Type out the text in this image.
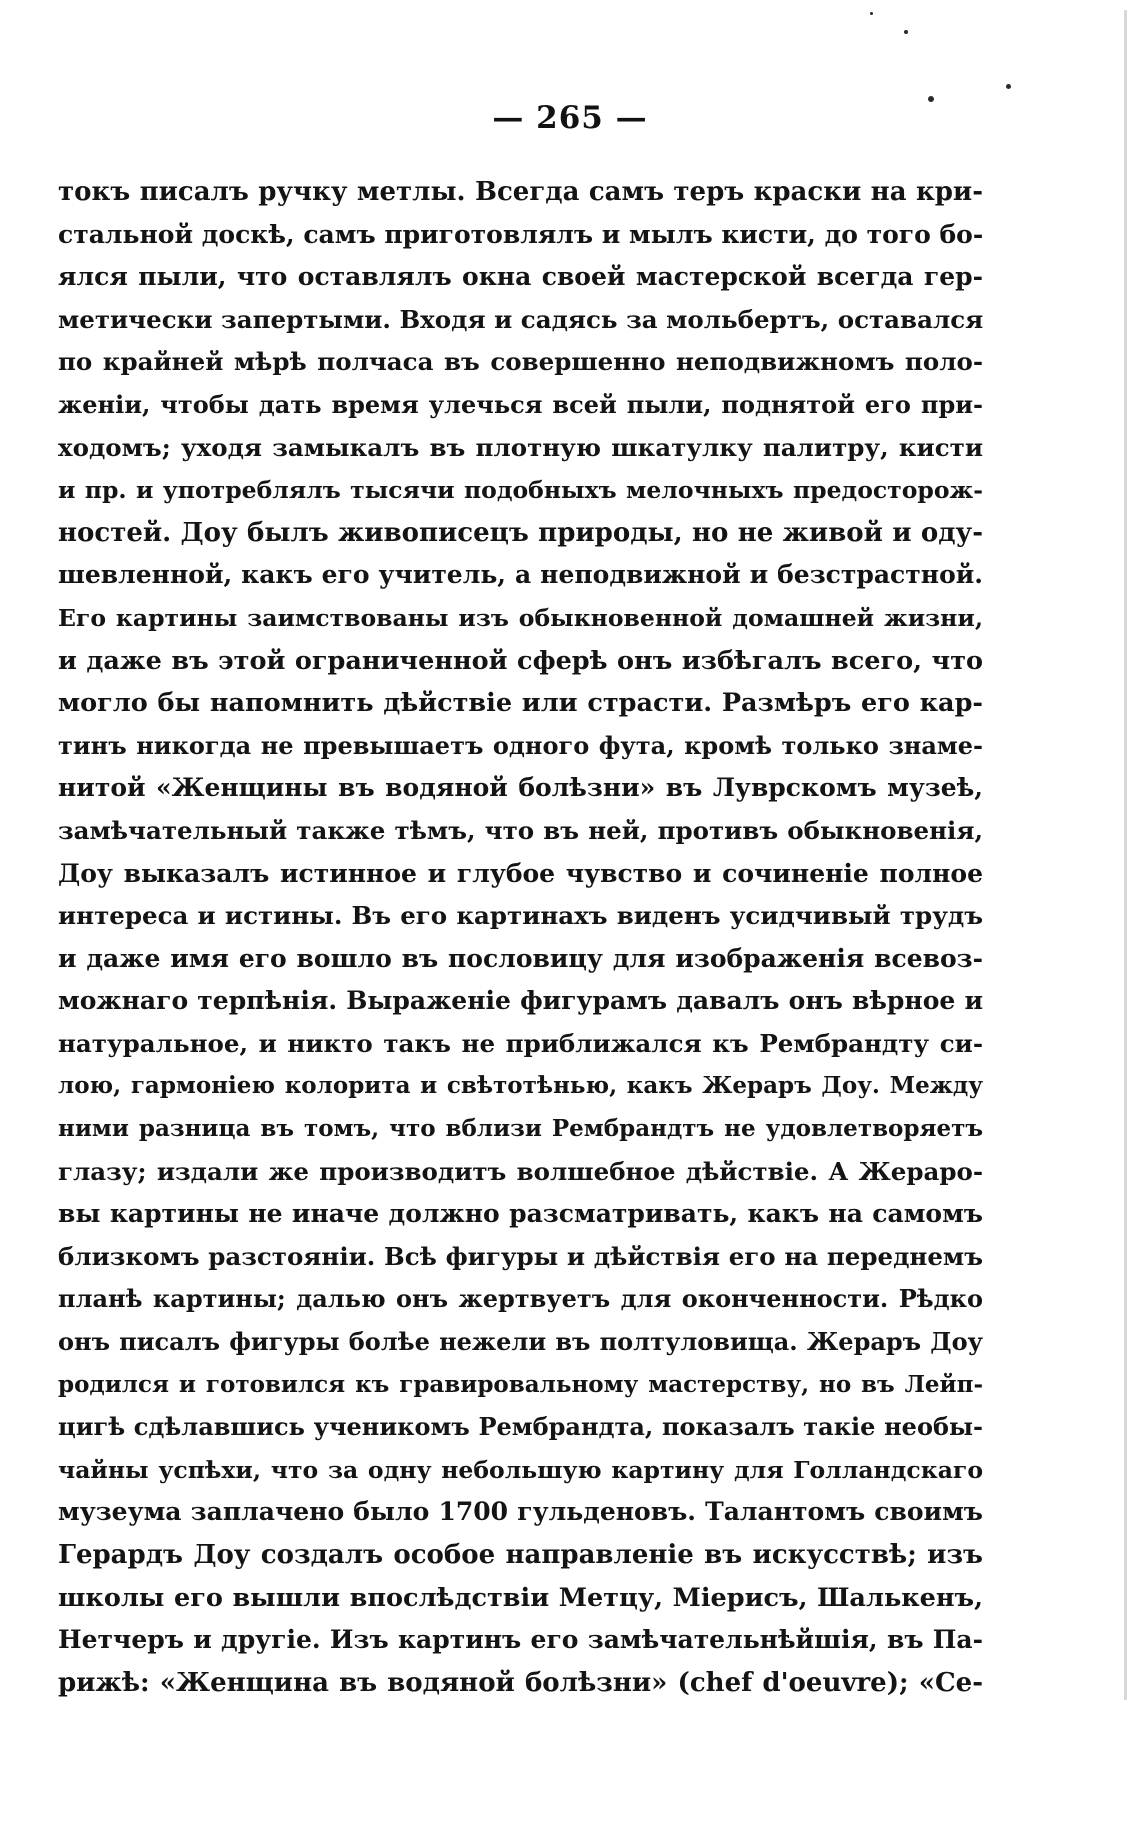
— 265 —
токъ писалъ ручку метлы. Всегда самъ теръ краски на кри-
стальной доскѣ, самъ приготовлялъ и мылъ кисти, до того бо-
ялся пыли, что оставлялъ окна своей мастерской всегда гер-
метически запертыми. Входя и садясь за мольбертъ, оставался
по крайней мѣрѣ полчаса въ совершенно неподвижномъ поло-
женіи, чтобы дать время улечься всей пыли, поднятой его при-
ходомъ; уходя замыкалъ въ плотную шкатулку палитру, кисти
и пр. и употреблялъ тысячи подобныхъ мелочныхъ предосторож-
ностей. Доу былъ живописецъ природы, но не живой и оду-
шевленной, какъ его учитель, а неподвижной и безстрастной.
Его картины заимствованы изъ обыкновенной домашней жизни,
и даже въ этой ограниченной сферѣ онъ избѣгалъ всего, что
могло бы напомнить дѣйствіе или страсти. Размѣръ его кар-
тинъ никогда не превышаетъ одного фута, кромѣ только знаме-
нитой «Женщины въ водяной болѣзни» въ Луврскомъ музеѣ,
замѣчательный также тѣмъ, что въ ней, противъ обыкновенія,
Доу выказалъ истинное и глубое чувство и сочиненіе полное
интереса и истины. Въ его картинахъ виденъ усидчивый трудъ
и даже имя его вошло въ пословицу для изображенія всевоз-
можнаго терпѣнія. Выраженіе фигурамъ давалъ онъ вѣрное и
натуральное, и никто такъ не приближался къ Рембрандту си-
лою, гармоніею колорита и свѣтотѣнью, какъ Жераръ Доу. Между
ними разница въ томъ, что вблизи Рембрандтъ не удовлетворяетъ
глазу; издали же производитъ волшебное дѣйствіе. А Жераро-
вы картины не иначе должно разсматривать, какъ на самомъ
близкомъ разстояніи. Всѣ фигуры и дѣйствія его на переднемъ
планѣ картины; далью онъ жертвуетъ для оконченности. Рѣдко
онъ писалъ фигуры болѣе нежели въ полтуловища. Жераръ Доу
родился и готовился къ гравировальному мастерству, но въ Лейп-
цигѣ сдѣлавшись ученикомъ Рембрандта, показалъ такіе необы-
чайны успѣхи, что за одну небольшую картину для Голландскаго
музеума заплачено было 1700 гульденовъ. Талантомъ своимъ
Герардъ Доу создалъ особое направленіе въ искусствѣ; изъ
школы его вышли впослѣдствіи Метцу, Міерисъ, Шалькенъ,
Нетчеръ и другіе. Изъ картинъ его замѣчательнѣйшія, въ Па-
рижѣ: «Женщина въ водяной болѣзни» (chef d'oeuvre); «Се-
